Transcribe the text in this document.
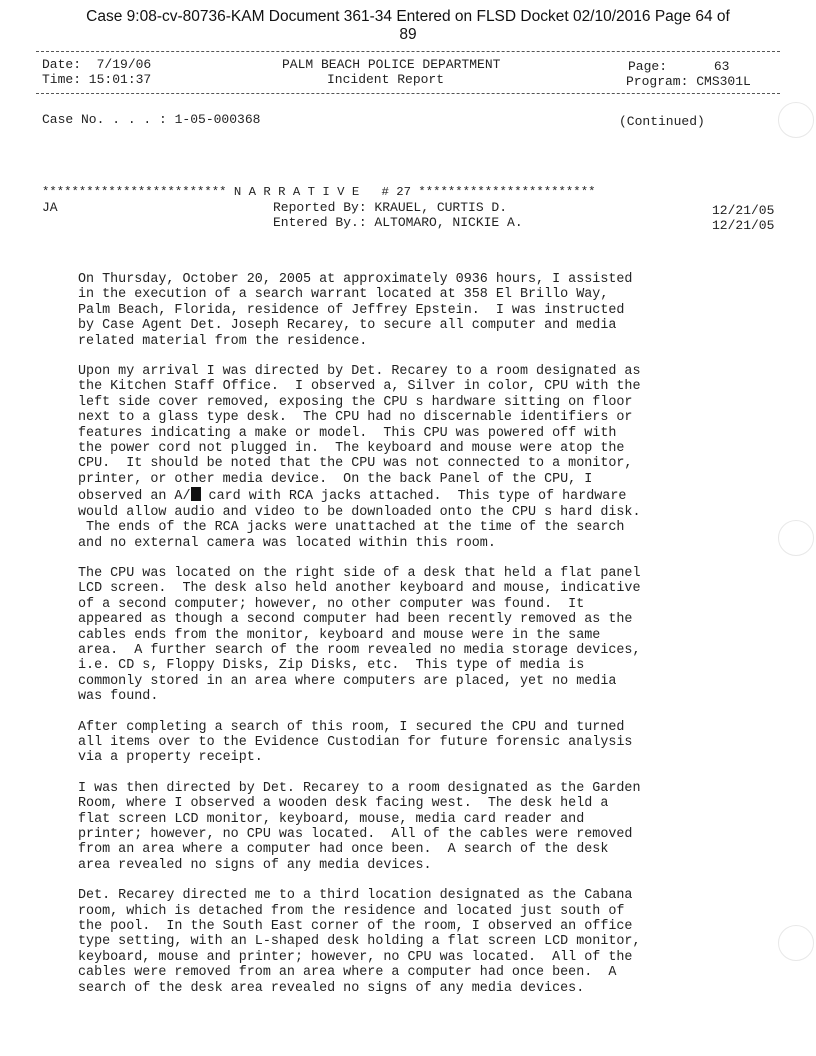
Case 9:08-cv-80736-KAM Document 361-34 Entered on FLSD Docket 02/10/2016 Page 64 of
89
Date:  7/19/06
Time: 15:01:37
PALM BEACH POLICE DEPARTMENT
Incident Report
Page:      63
Program: CMS301L
Case No. . . . : 1-05-000368	(Continued)
************************* N A R R A T I V E   # 27 ************************
JA	Reported By: KRAUEL, CURTIS D.	12/21/05
Entered By.: ALTOMARO, NICKIE A.	12/21/05

On Thursday, October 20, 2005 at approximately 0936 hours, I assisted
in the execution of a search warrant located at 358 El Brillo Way,
Palm Beach, Florida, residence of Jeffrey Epstein.  I was instructed
by Case Agent Det. Joseph Recarey, to secure all computer and media
related material from the residence.

Upon my arrival I was directed by Det. Recarey to a room designated as
the Kitchen Staff Office.  I observed a, Silver in color, CPU with the
left side cover removed, exposing the CPU s hardware sitting on floor
next to a glass type desk.  The CPU had no discernable identifiers or
features indicating a make or model.  This CPU was powered off with
the power cord not plugged in.  The keyboard and mouse were atop the
CPU.  It should be noted that the CPU was not connected to a monitor,
printer, or other media device.  On the back Panel of the CPU, I
observed an A/ card with RCA jacks attached.  This type of hardware
would allow audio and video to be downloaded onto the CPU s hard disk.
The ends of the RCA jacks were unattached at the time of the search
and no external camera was located within this room.

The CPU was located on the right side of a desk that held a flat panel
LCD screen.  The desk also held another keyboard and mouse, indicative
of a second computer; however, no other computer was found.  It
appeared as though a second computer had been recently removed as the
cables ends from the monitor, keyboard and mouse were in the same
area.  A further search of the room revealed no media storage devices,
i.e. CD s, Floppy Disks, Zip Disks, etc.  This type of media is
commonly stored in an area where computers are placed, yet no media
was found.

After completing a search of this room, I secured the CPU and turned
all items over to the Evidence Custodian for future forensic analysis
via a property receipt.

I was then directed by Det. Recarey to a room designated as the Garden
Room, where I observed a wooden desk facing west.  The desk held a
flat screen LCD monitor, keyboard, mouse, media card reader and
printer; however, no CPU was located.  All of the cables were removed
from an area where a computer had once been.  A search of the desk
area revealed no signs of any media devices.

Det. Recarey directed me to a third location designated as the Cabana
room, which is detached from the residence and located just south of
the pool.  In the South East corner of the room, I observed an office
type setting, with an L-shaped desk holding a flat screen LCD monitor,
keyboard, mouse and printer; however, no CPU was located.  All of the
cables were removed from an area where a computer had once been.  A
search of the desk area revealed no signs of any media devices.
